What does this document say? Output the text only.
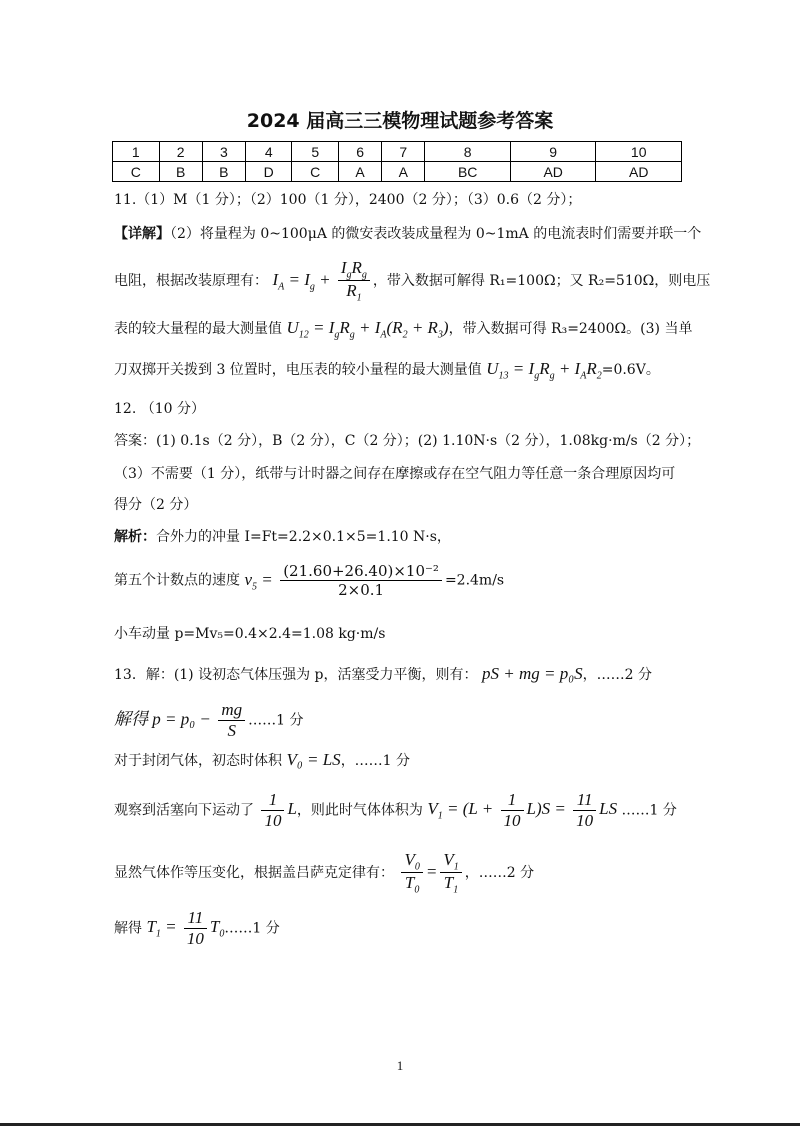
2024 届高三三模物理试题参考答案
1	2	3	4	5	6	7	8	9	10
C	B	B	D	C	A	A	BC	AD	AD
11.（1）M（1 分）；（2）100（1 分），2400（2 分）；（3）0.6（2 分）；
【详解】（2）将量程为 0~100μA 的微安表改装成量程为 0~1mA 的电流表时们需要并联一个
电阻，根据改装原理有： $I_A = I_g + \frac{I_gR_g}{R_1}$ ，带入数据可解得 R₁=100Ω；又 R₂=510Ω，则电压
表的较大量程的最大测量值 $U_{12} = I_gR_g + I_A(R_2 + R_3)$，带入数据可得 R₃=2400Ω。(3) 当单
刀双掷开关拨到 3 位置时，电压表的较小量程的最大测量值 $U_{13} = I_gR_g + I_AR_2=0.6V$。
12. （10 分）
答案：(1) 0.1s（2 分），B（2 分），C（2 分）；(2) 1.10N·s（2 分），1.08kg·m/s（2 分）；
（3）不需要（1 分），纸带与计时器之间存在摩擦或存在空气阻力等任意一条合理原因均可
得分（2 分）
解析：合外力的冲量 I=Ft=2.2×0.1×5=1.10 N·s，
第五个计数点的速度 $v_5 = \frac{\text{(21.60+26.40)×10⁻²}}{2\times 0.1} =2.4m/s$
小车动量 p=Mv₅=0.4×2.4=1.08 kg·m/s
13．解：(1) 设初态气体压强为 p，活塞受力平衡，则有： pS + mg = p₀S，……2 分
解得 $p = p_0 - \frac{mg}{S}$ ……1 分
对于封闭气体，初态时体积 V₀ = LS，……1 分
观察到活塞向下运动了 $\frac{1}{10}$ L，则此时气体体积为 $V_1 = (L + \frac{1}{10} L)S = \frac{11}{10}$ LS ……1 分
显然气体作等压变化，根据盖吕萨克定律有： $\frac{V_0}{T_0} = \frac{V_1}{T_1}$ ，……2 分
解得 $T_1 = \frac{11}{10}$ $T_0\dots\dots 1$ 分
1
